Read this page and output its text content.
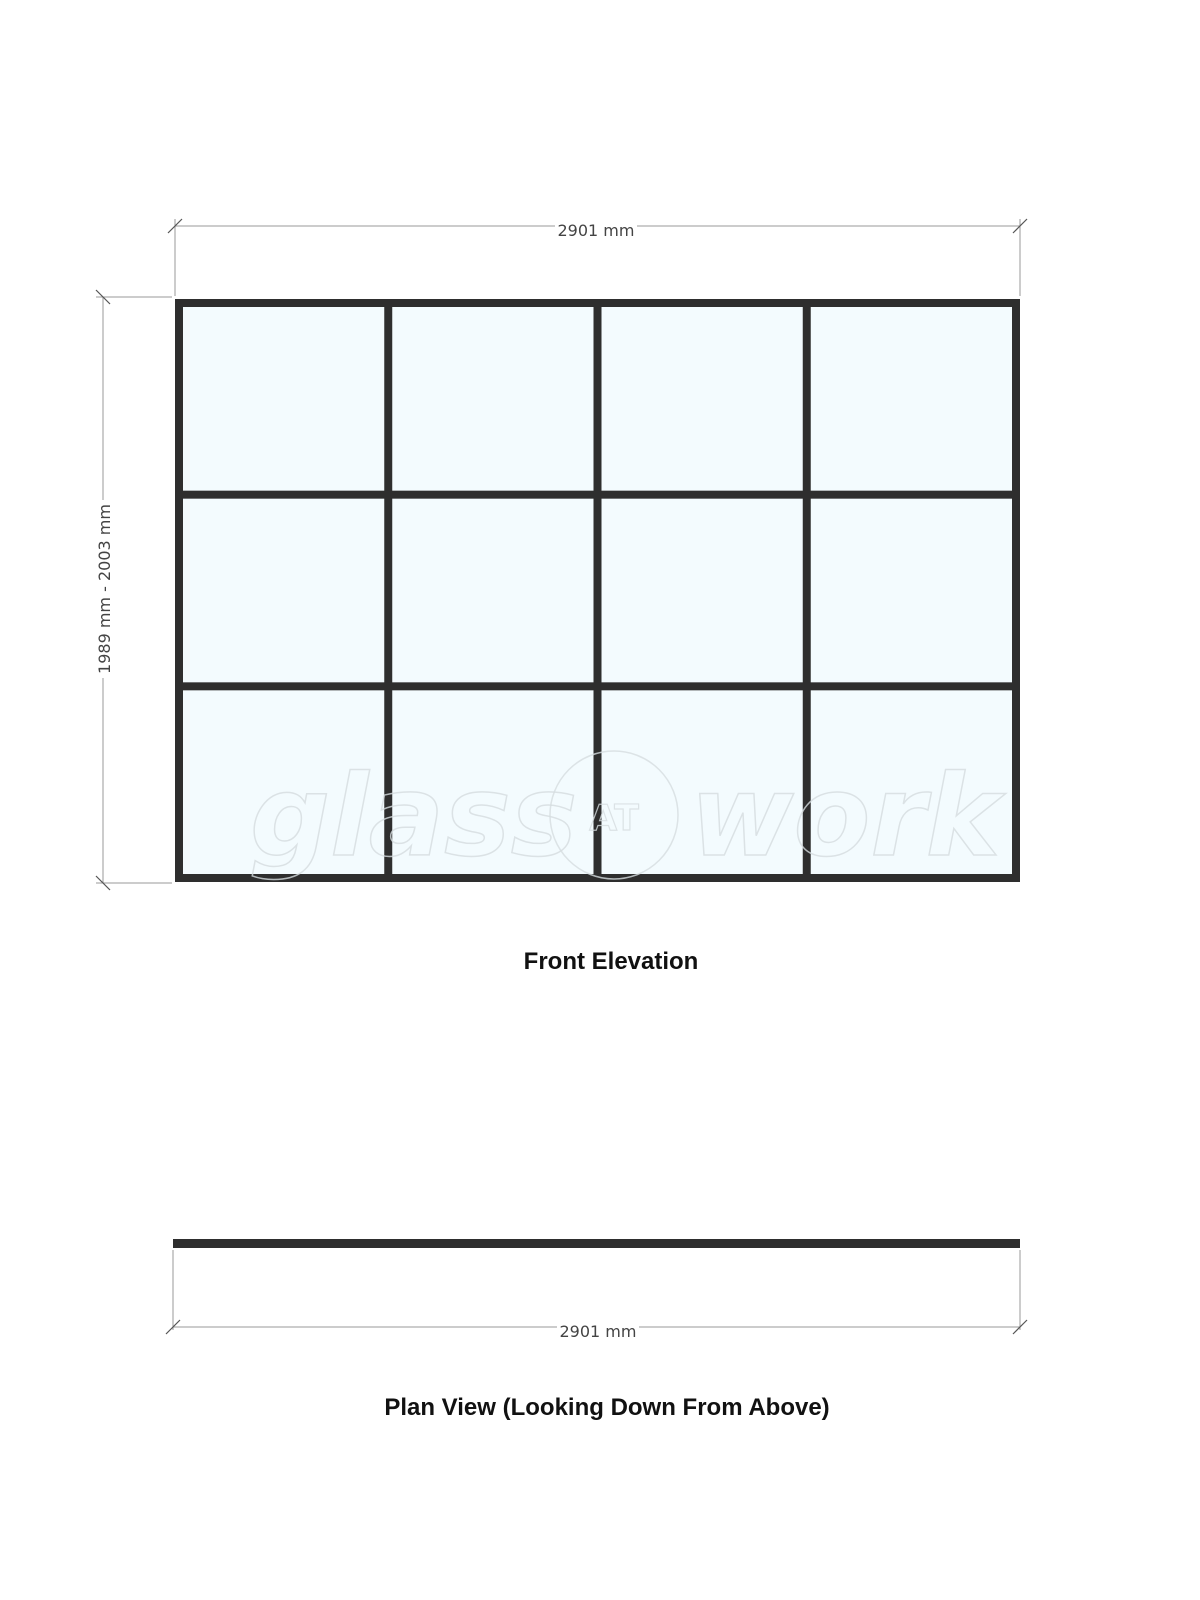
2901 mm
1989 mm - 2003 mm
glass AT work
Front Elevation
2901 mm
Plan View (Looking Down From Above)
